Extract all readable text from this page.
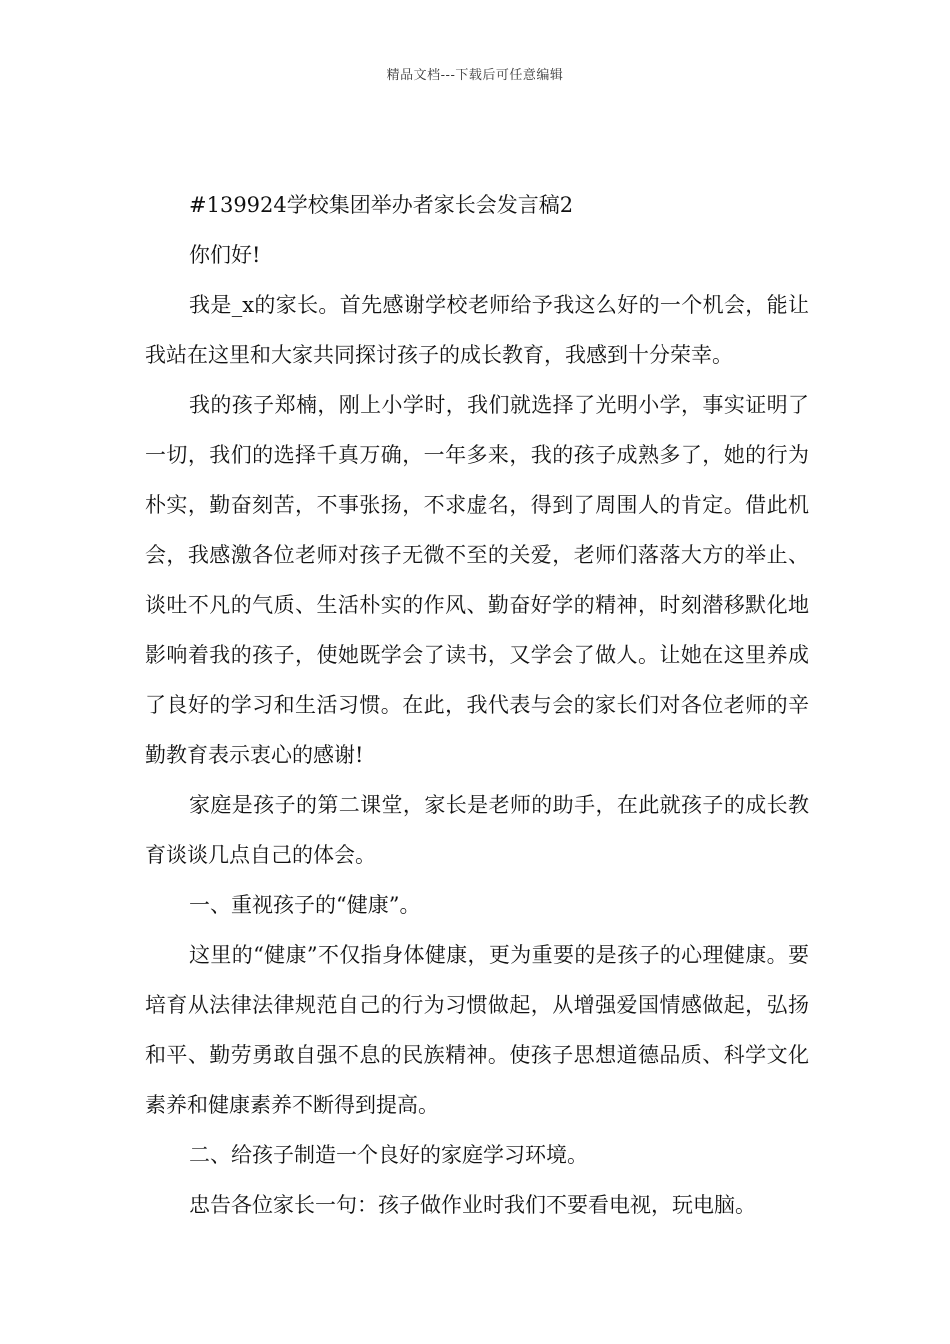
精品文档---下载后可任意编辑

#139924学校集团举办者家长会发言稿2

你们好!

我是_x的家长。首先感谢学校老师给予我这么好的一个机会，能让我站在这里和大家共同探讨孩子的成长教育，我感到十分荣幸。

我的孩子郑楠，刚上小学时，我们就选择了光明小学，事实证明了一切，我们的选择千真万确，一年多来，我的孩子成熟多了，她的行为朴实，勤奋刻苦，不事张扬，不求虚名，得到了周围人的肯定。借此机会，我感激各位老师对孩子无微不至的关爱，老师们落落大方的举止、谈吐不凡的气质、生活朴实的作风、勤奋好学的精神，时刻潜移默化地影响着我的孩子，使她既学会了读书，又学会了做人。让她在这里养成了良好的学习和生活习惯。在此，我代表与会的家长们对各位老师的辛勤教育表示衷心的感谢!

家庭是孩子的第二课堂，家长是老师的助手，在此就孩子的成长教育谈谈几点自己的体会。

一、重视孩子的“健康”。

这里的“健康”不仅指身体健康，更为重要的是孩子的心理健康。要培育从法律法律规范自己的行为习惯做起，从增强爱国情感做起，弘扬和平、勤劳勇敢自强不息的民族精神。使孩子思想道德品质、科学文化素养和健康素养不断得到提高。

二、给孩子制造一个良好的家庭学习环境。

忠告各位家长一句：孩子做作业时我们不要看电视，玩电脑。
